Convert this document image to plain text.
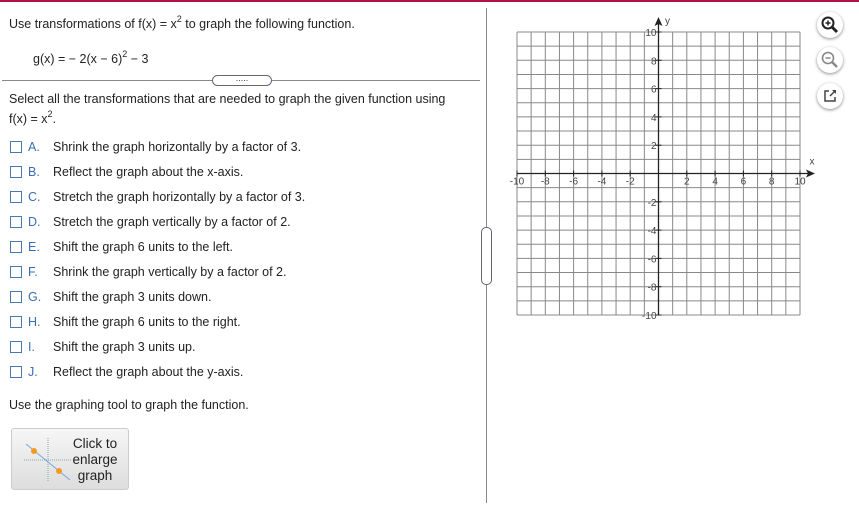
Use transformations of $f(x) = x^2$ to graph the following function.
g(x) = − $2(x - 6)^2 - 3$
.....
Select all the transformations that are needed to graph the given function using
$f(x) = x^2$.
A.	Shrink the graph horizontally by a factor of 3.
B.	Reflect the graph about the x-axis.
C.	Stretch the graph horizontally by a factor of 3.
D.	Stretch the graph vertically by a factor of 2.
E.	Shift the graph 6 units to the left.
F.	Shrink the graph vertically by a factor of 2.
G. Shift the graph 3 units down.
H.	Shift the graph 6 units to the right.
I.	Shift the graph 3 units up.
J.	Reflect the graph about the y-axis.
Use the graphing tool to graph the function.
Click to enlarge graph
-10 -8 -6 -4 -2	2 4 6 8 10
10
8
6
4
2
-2
-4
-6
-8
-10
x
y
